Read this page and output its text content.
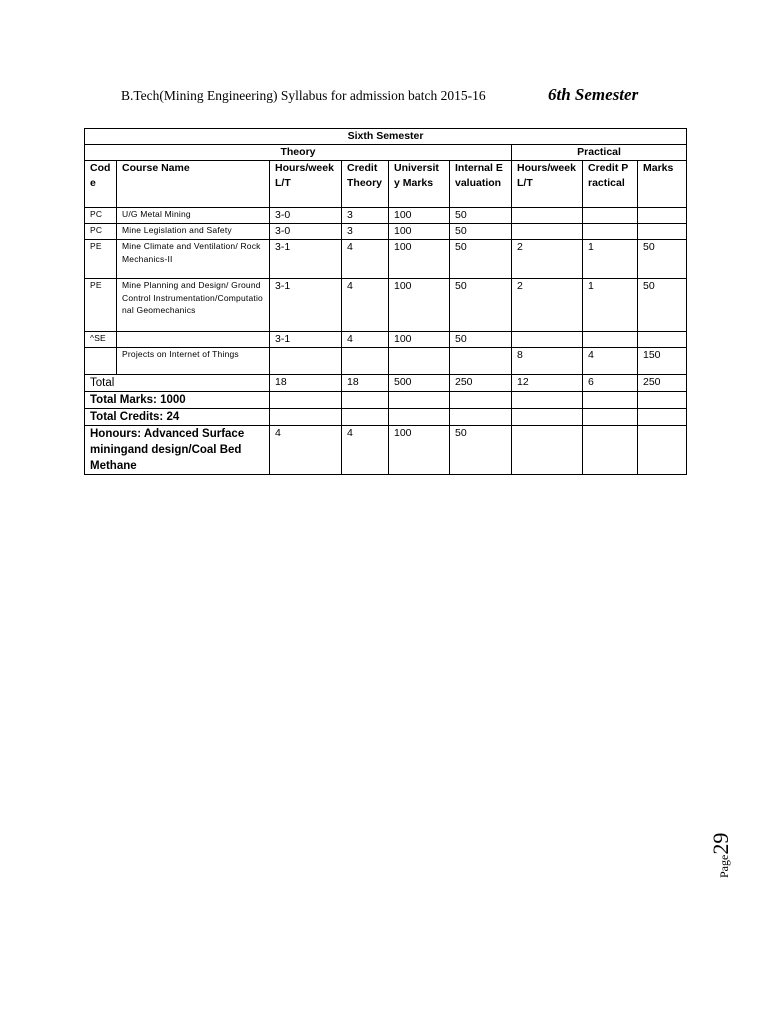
B.Tech(Mining Engineering) Syllabus for admission batch 2015-16	6th Semester
Sixth Semester								
Theory						Practical		
Code	Course Name	Hours/week L/T	Credit Theory	University Marks	Internal Evaluation	Hours/week L/T	Credit Practical	Marks
PC	U/G Metal Mining	3-0	3	100	50			
PC	Mine Legislation and Safety	3-0	3	100	50			
PE	Mine Climate and Ventilation/ Rock Mechanics-II	3-1	4	100	50	2	1	50
PE	Mine Planning and Design/ Ground Control Instrumentation/Computational Geomechanics	3-1	4	100	50	2	1	50
^SE		3-1	4	100	50			
	Projects on Internet of Things					8	4	150
Total		18	18	500	250	12	6	250
Total Marks: 1000								
Total Credits: 24								
Honours: Advanced Surface miningand design/Coal Bed Methane		4	4	100	50			
Page29
